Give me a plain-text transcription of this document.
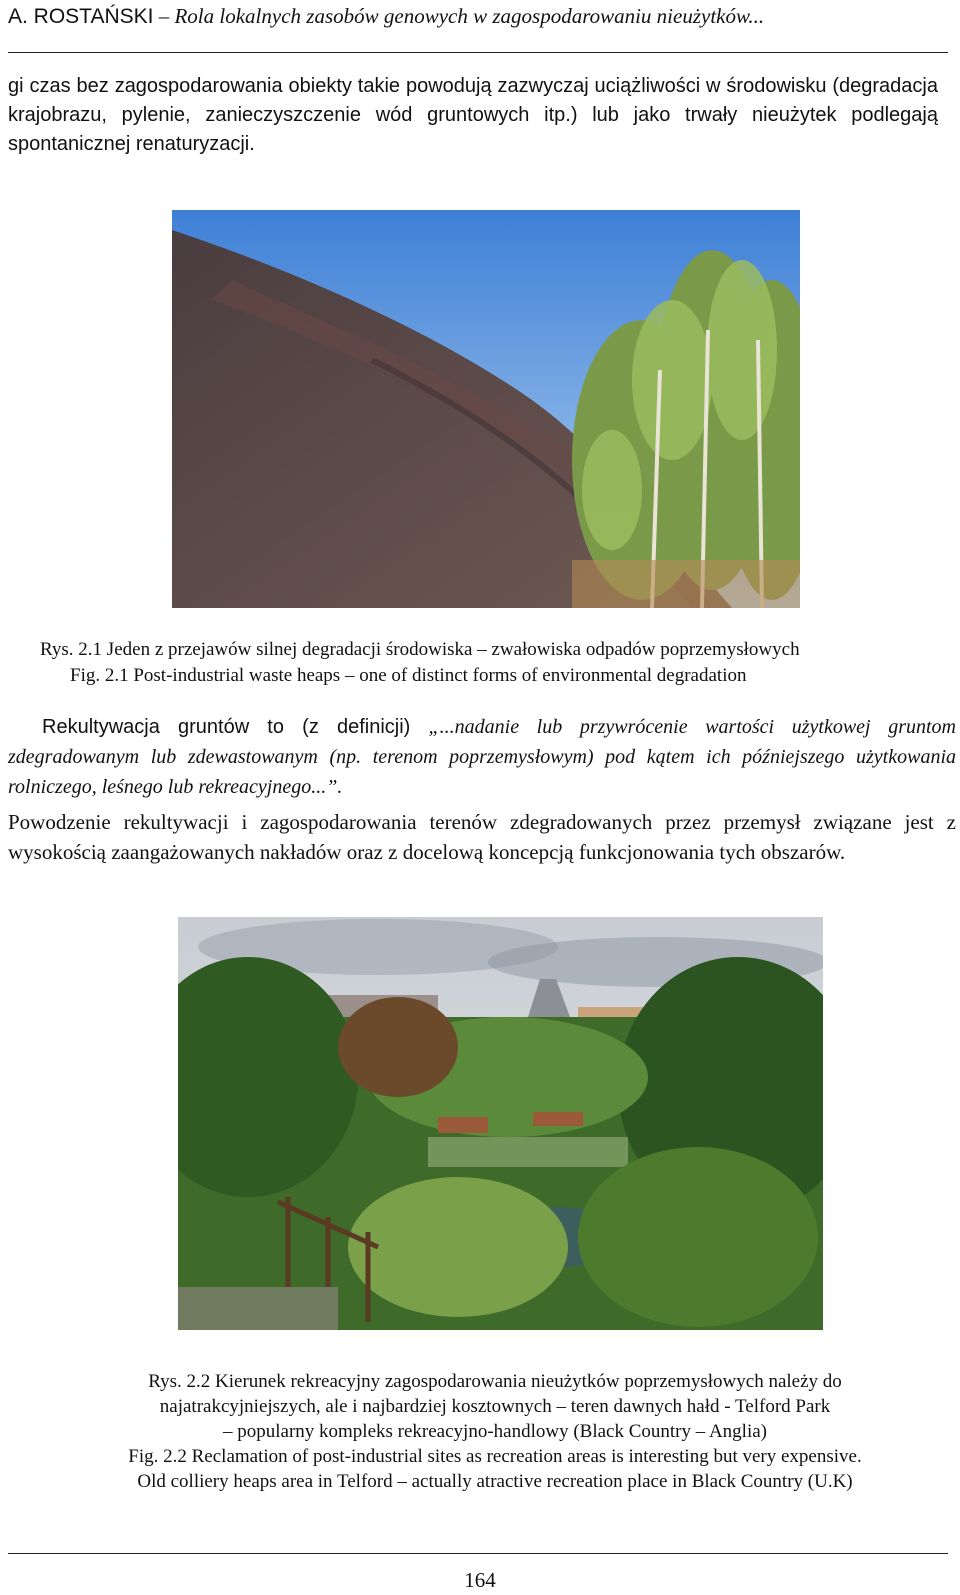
A. ROSTAŃSKI – Rola lokalnych zasobów genowych w zagospodarowaniu nieużytków...
gi czas bez zagospodarowania obiekty takie powodują zazwyczaj uciążliwości w środowisku (degradacja krajobrazu, pylenie, zanieczyszczenie wód gruntowych itp.) lub jako trwały nieużytek podlegają spontanicznej renaturyzacji.
Rys. 2.1 Jeden z przejawów silnej degradacji środowiska – zwałowiska odpadów poprzemysłowych
Fig. 2.1 Post-industrial waste heaps – one of distinct forms of environmental degradation
Rekultywacja gruntów to (z definicji) „...nadanie lub przywrócenie wartości użytkowej gruntom zdegradowanym lub zdewastowanym (np. terenom poprzemysłowym) pod kątem ich późniejszego użytkowania rolniczego, leśnego lub rekreacyjnego...”.
Powodzenie rekultywacji i zagospodarowania terenów zdegradowanych przez przemysł związane jest z wysokością zaangażowanych nakładów oraz z docelową koncepcją funkcjonowania tych obszarów.
Rys. 2.2 Kierunek rekreacyjny zagospodarowania nieużytków poprzemysłowych należy do
najatrakcyjniejszych, ale i najbardziej kosztownych – teren dawnych hałd - Telford Park
– popularny kompleks rekreacyjno-handlowy (Black Country – Anglia)
Fig. 2.2 Reclamation of post-industrial sites as recreation areas is interesting but very expensive.
Old colliery heaps area in Telford – actually atractive recreation place in Black Country (U.K)
164
